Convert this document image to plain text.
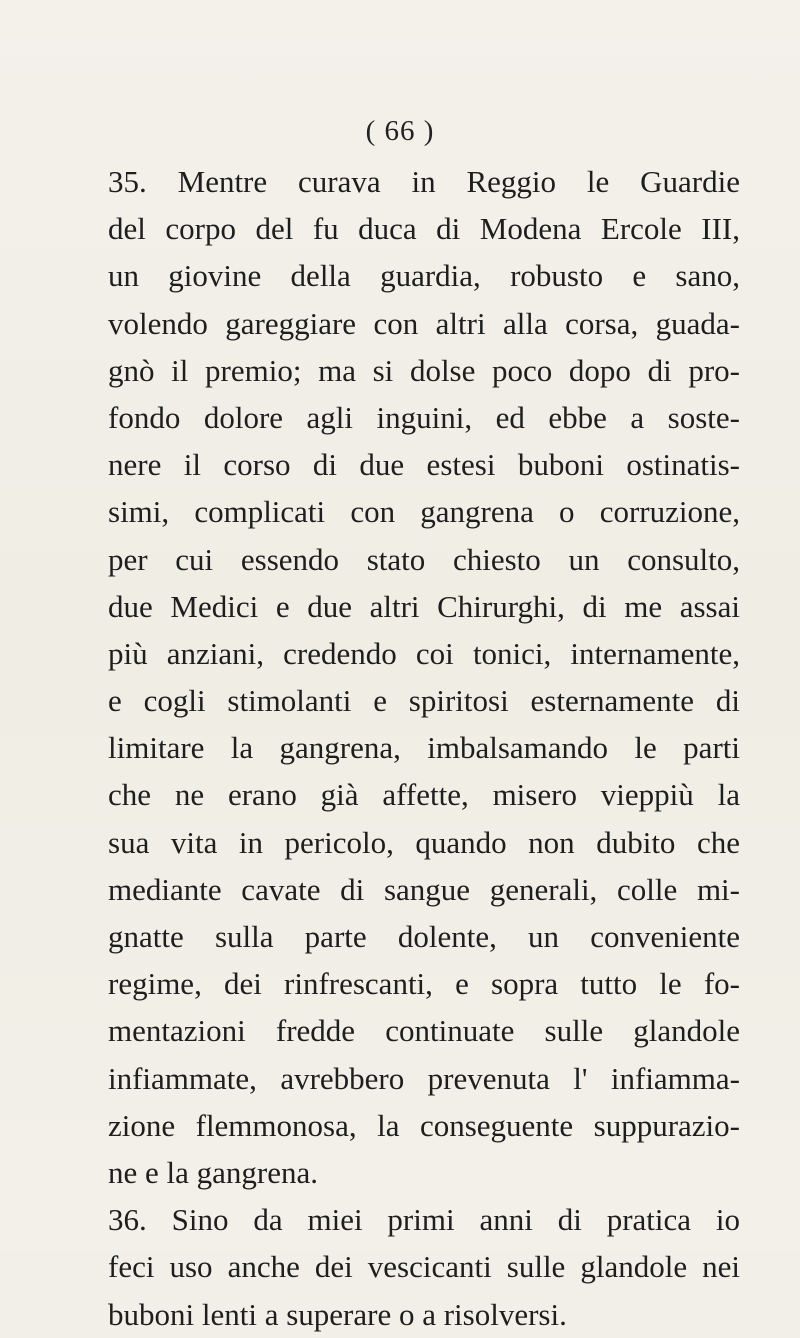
( 66 )
35. Mentre curava in Reggio le Guardie
del corpo del fu duca di Modena Ercole III,
un giovine della guardia, robusto e sano,
volendo gareggiare con altri alla corsa, guada-
gnò il premio; ma si dolse poco dopo di pro-
fondo dolore agli inguini, ed ebbe a soste-
nere il corso di due estesi buboni ostinatis-
simi, complicati con gangrena o corruzione,
per cui essendo stato chiesto un consulto,
due Medici e due altri Chirurghi, di me assai
più anziani, credendo coi tonici, internamente,
e cogli stimolanti e spiritosi esternamente di
limitare la gangrena, imbalsamando le parti
che ne erano già affette, misero vieppiù la
sua vita in pericolo, quando non dubito che
mediante cavate di sangue generali, colle mi-
gnatte sulla parte dolente, un conveniente
regime, dei rinfrescanti, e sopra tutto le fo-
mentazioni fredde continuate sulle glandole
infiammate, avrebbero prevenuta l' infiamma-
zione flemmonosa, la conseguente suppurazio-
ne e la gangrena.
36. Sino da miei primi anni di pratica io
feci uso anche dei vescicanti sulle glandole nei
buboni lenti a superare o a risolversi.
